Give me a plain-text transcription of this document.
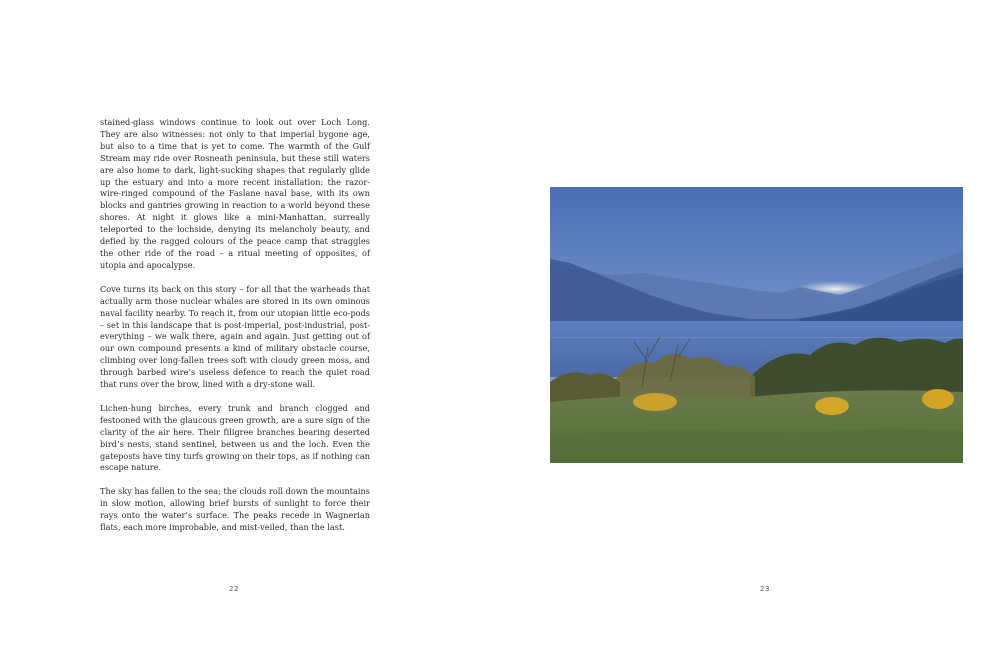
stained-glass windows continue to look out over Loch Long. They are also witnesses: not only to that imperial bygone age, but also to a time that is yet to come. The warmth of the Gulf Stream may ride over Rosneath peninsula, but these still waters are also home to dark, light-sucking shapes that regularly glide up the estuary and into a more recent installation: the razor-wire-ringed compound of the Faslane naval base, with its own blocks and gantries growing in reaction to a world beyond these shores. At night it glows like a mini-Manhattan, surreally teleported to the lochside, denying its melancholy beauty, and defied by the ragged colours of the peace camp that straggles the other ride of the road – a ritual meeting of opposites, of utopia and apocalypse.

Cove turns its back on this story – for all that the warheads that actually arm those nuclear whales are stored in its own ominous naval facility nearby. To reach it, from our utopian little eco-pods – set in this landscape that is post-imperial, post-industrial, post-everything – we walk there, again and again. Just getting out of our own compound presents a kind of military obstacle course, climbing over long-fallen trees soft with cloudy green moss, and through barbed wire’s useless defence to reach the quiet road that runs over the brow, lined with a dry-stone wall.

Lichen-hung birches, every trunk and branch clogged and festooned with the glaucous green growth, are a sure sign of the clarity of the air here. Their filigree branches bearing deserted bird’s nests, stand sentinel, between us and the loch. Even the gateposts have tiny turfs growing on their tops, as if nothing can escape nature.

The sky has fallen to the sea; the clouds roll down the mountains in slow motion, allowing brief bursts of sunlight to force their rays onto the water’s surface. The peaks recede in Wagnerian flats, each more improbable, and mist-veiled, than the last.

22	23
